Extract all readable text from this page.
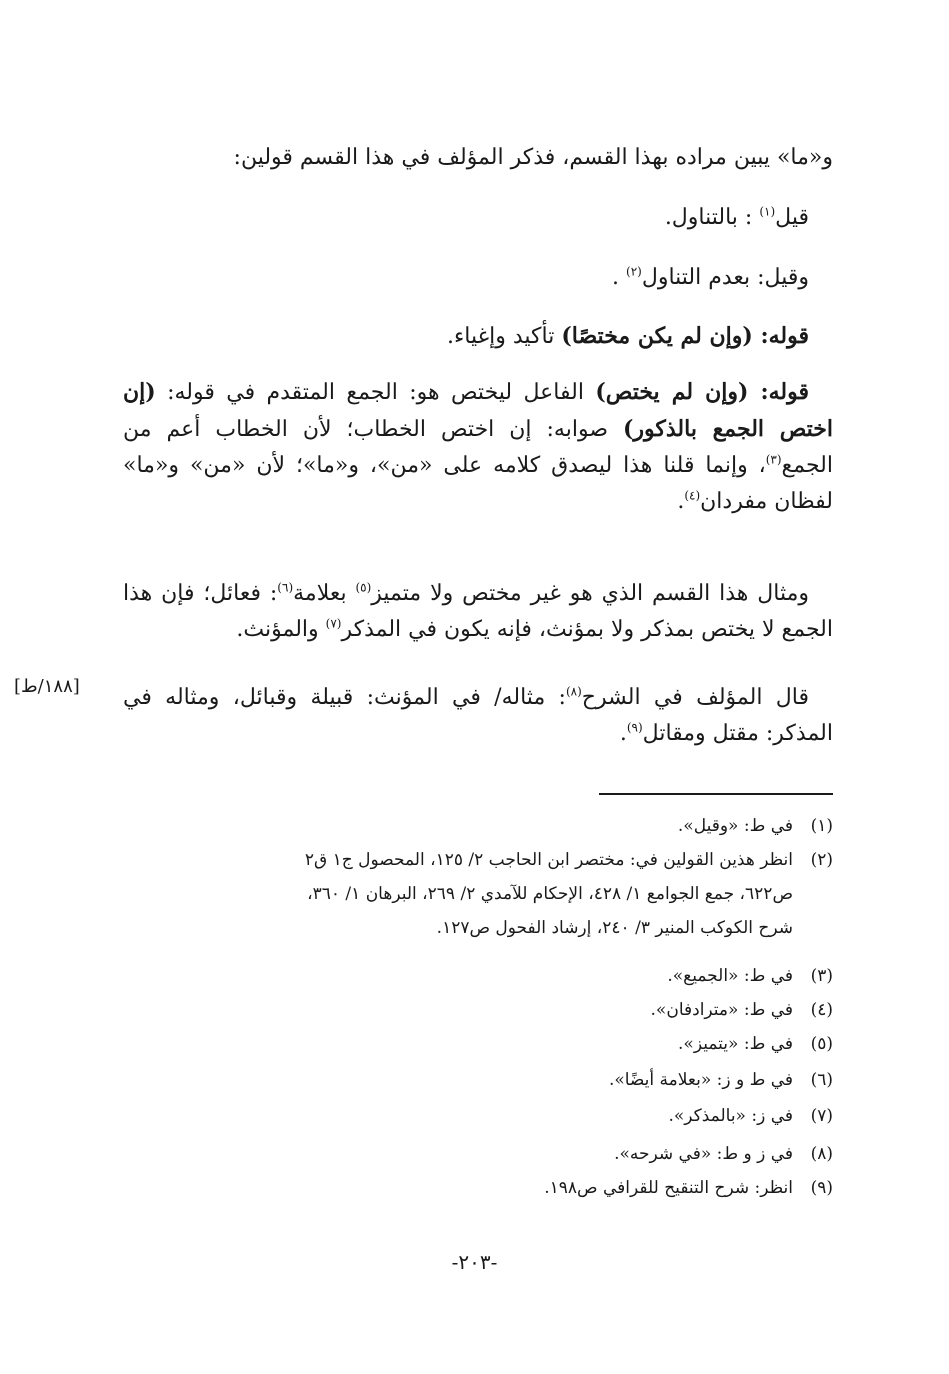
و«ما» يبين مراده بهذا القسم، فذكر المؤلف في هذا القسم قولين:

قيل$^{(١)}$ : بالتناول.

وقيل: بعدم التناول$^{(٢)}$ .

قوله: (وإن لم يكن مختصًا) تأكيد وإغياء.

قوله: (وإن لم يختص) الفاعل ليختص هو: الجمع المتقدم في قوله: (إن اختص الجمع بالذكور) صوابه: إن اختص الخطاب؛ لأن الخطاب أعم من الجمع$^{(٣)}$، وإنما قلنا هذا ليصدق كلامه على «من»، و«ما»؛ لأن «من» و«ما» لفظان مفردان$^{(٤)}$.

ومثال هذا القسم الذي هو غير مختص ولا متميز$^{(٥)}$ بعلامة$^{(٦)}$: فعائل؛ فإن هذا الجمع لا يختص بمذكر ولا بمؤنث، فإنه يكون في المذكر$^{(٧)}$ والمؤنث.

قال المؤلف في الشرح$^{(٨)}$: مثاله/ في المؤنث: قبيلة وقبائل، ومثاله في المذكر: مقتل ومقاتل$^{(٩)}$.

[١٨٨/ط]
(١)في ط: «وقيل».
(٢)انظر هذين القولين في: مختصر ابن الحاجب ٢/ ١٢٥، المحصول ج١ ق٢
ص٦٢٢، جمع الجوامع ١/ ٤٢٨، الإحكام للآمدي ٢/ ٢٦٩، البرهان ١/ ٣٦٠،
شرح الكوكب المنير ٣/ ٢٤٠، إرشاد الفحول ص١٢٧.
(٣)في ط: «الجميع».
(٤)في ط: «مترادفان».
(٥)في ط: «يتميز».
(٦)في ط و ز: «بعلامة أيضًا».
(٧)في ز: «بالمذكر».
(٨)في ز و ط: «في شرحه».
(٩)انظر: شرح التنقيح للقرافي ص١٩٨.
-٢٠٣-
